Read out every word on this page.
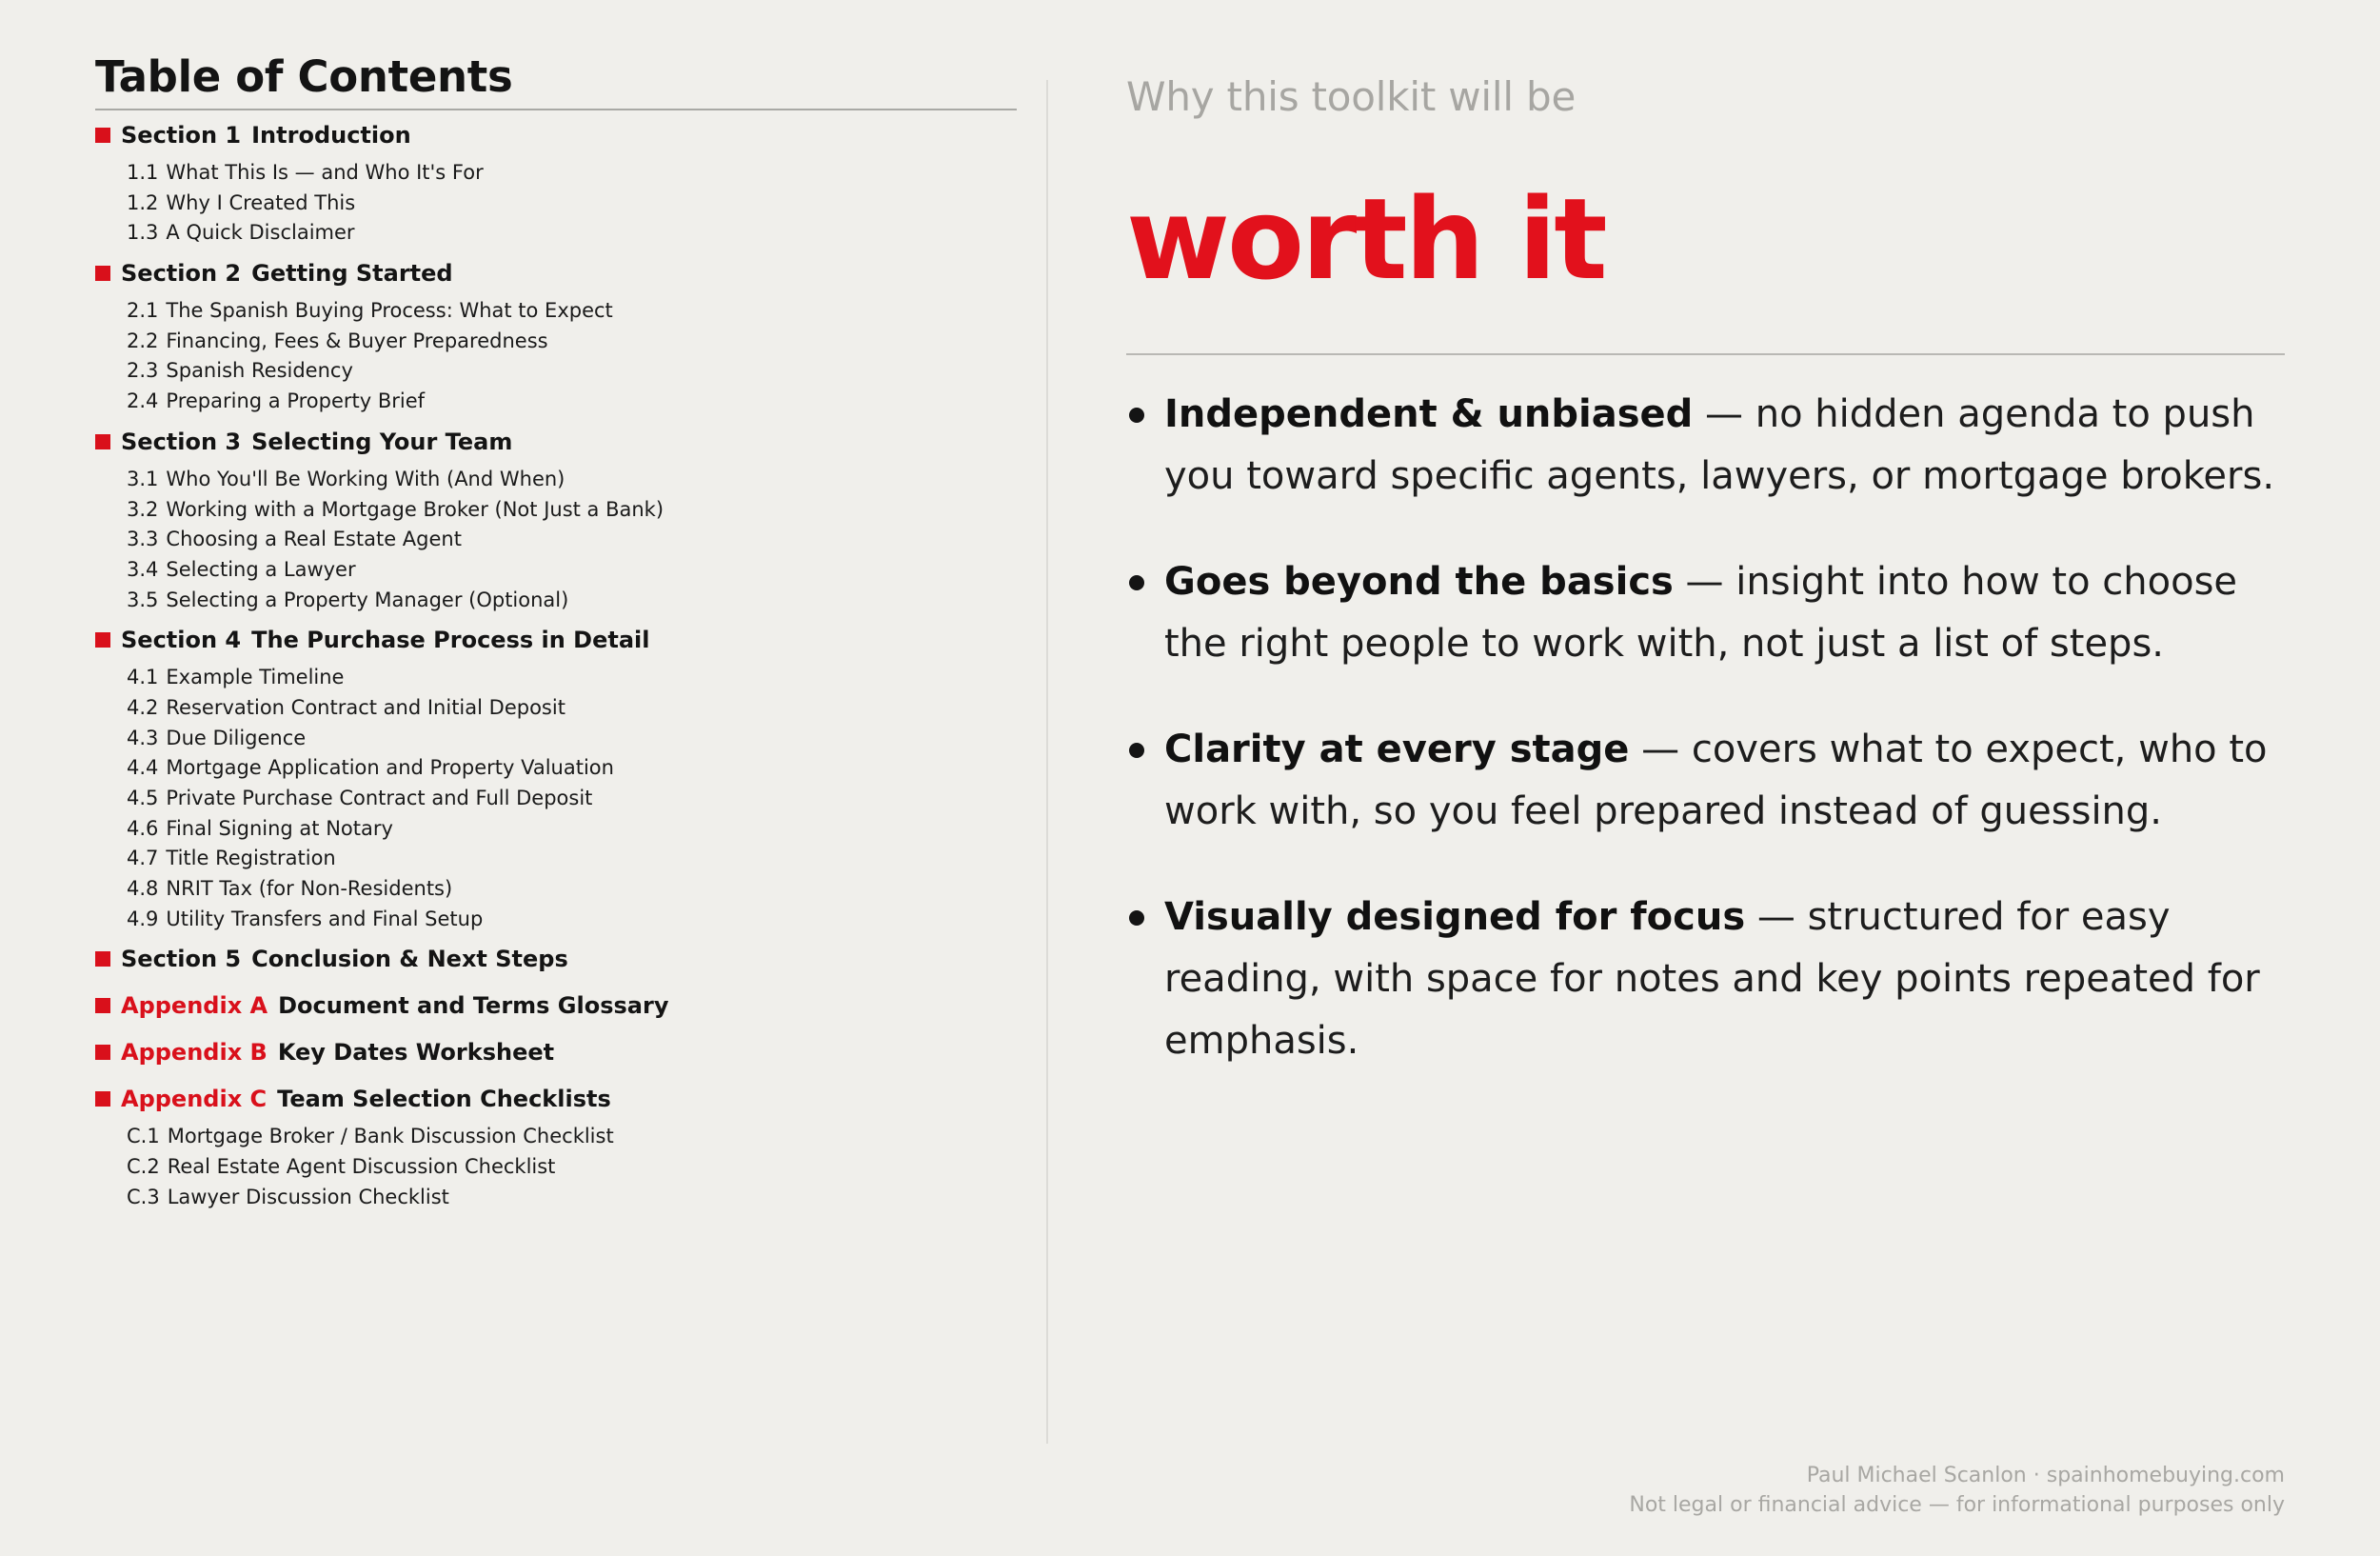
Table of Contents
Section 1 Introduction
1.1 What This Is — and Who It's For
1.2 Why I Created This
1.3 A Quick Disclaimer
Section 2 Getting Started
2.1 The Spanish Buying Process: What to Expect
2.2 Financing, Fees & Buyer Preparedness
2.3 Spanish Residency
2.4 Preparing a Property Brief
Section 3 Selecting Your Team
3.1 Who You'll Be Working With (And When)
3.2 Working with a Mortgage Broker (Not Just a Bank)
3.3 Choosing a Real Estate Agent
3.4 Selecting a Lawyer
3.5 Selecting a Property Manager (Optional)
Section 4 The Purchase Process in Detail
4.1 Example Timeline
4.2 Reservation Contract and Initial Deposit
4.3 Due Diligence
4.4 Mortgage Application and Property Valuation
4.5 Private Purchase Contract and Full Deposit
4.6 Final Signing at Notary
4.7 Title Registration
4.8 NRIT Tax (for Non-Residents)
4.9 Utility Transfers and Final Setup
Section 5 Conclusion & Next Steps
Appendix A Document and Terms Glossary
Appendix B Key Dates Worksheet
Appendix C Team Selection Checklists
C.1 Mortgage Broker / Bank Discussion Checklist
C.2 Real Estate Agent Discussion Checklist
C.3 Lawyer Discussion Checklist
Why this toolkit will be
worth it
Independent & unbiased — no hidden agenda to push you toward specific agents, lawyers, or mortgage brokers.
Goes beyond the basics — insight into how to choose the right people to work with, not just a list of steps.
Clarity at every stage — covers what to expect, who to work with, so you feel prepared instead of guessing.
Visually designed for focus — structured for easy reading, with space for notes and key points repeated for emphasis.
Paul Michael Scanlon · spainhomebuying.com
Not legal or financial advice — for informational purposes only
